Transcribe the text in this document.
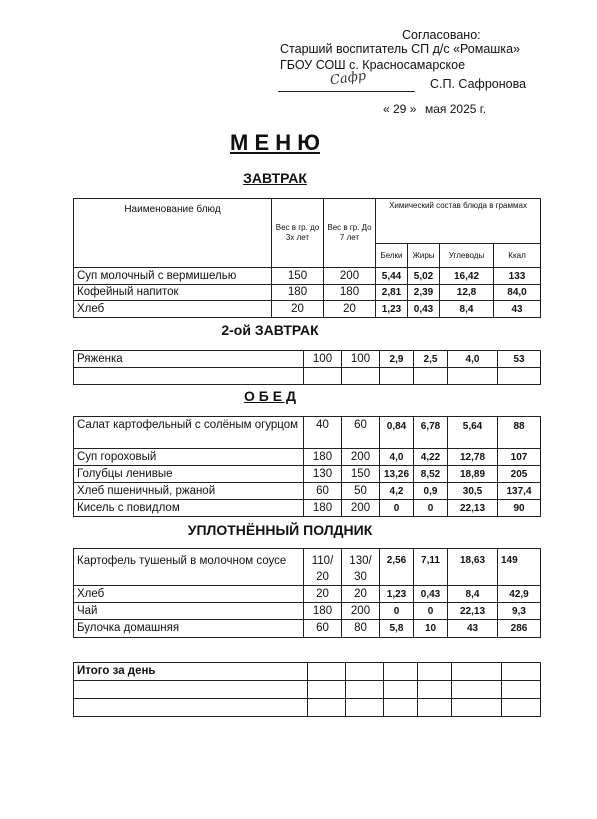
Согласовано:
Старший воспитатель СП д/с «Ромашка»
ГБОУ СОШ с. Красносамарское
Сафр	С.П. Сафронова
« 29 » мая 2025 г.
М Е Н Ю
ЗАВТРАК
Наименование блюд	Вес в гр. до 3х лет	Вес в гр. До 7 лет	Химический состав блюда в граммах			
			Белки	Жиры	Углеводы	Ккал
Суп молочный с вермишелью	150	200	5,44	5,02	16,42	133
Кофейный напиток	180	180	2,81	2,39	12,8	84,0
Хлеб	20	20	1,23	0,43	8,4	43
2-ой ЗАВТРАК
Ряженка	100	100	2,9	2,5	4,0	53

О Б Е Д
Салат картофельный с солёным огурцом	40	60	0,84	6,78	5,64	88
Суп гороховый	180	200	4,0	4,22	12,78	107
Голубцы ленивые	130	150	13,26	8,52	18,89	205
Хлеб пшеничный, ржаной	60	50	4,2	0,9	30,5	137,4
Кисель с повидлом	180	200	0	0	22,13	90
УПЛОТНЁННЫЙ ПОЛДНИК
Картофель тушеный в молочном соусе	110/ 20	130/ 30	2,56	7,11	18,63	149
Хлеб	20	20	1,23	0,43	8,4	42,9
Чай	180	200	0	0	22,13	9,3
Булочка домашняя	60	80	5,8	10	43	286
Итого за день						
